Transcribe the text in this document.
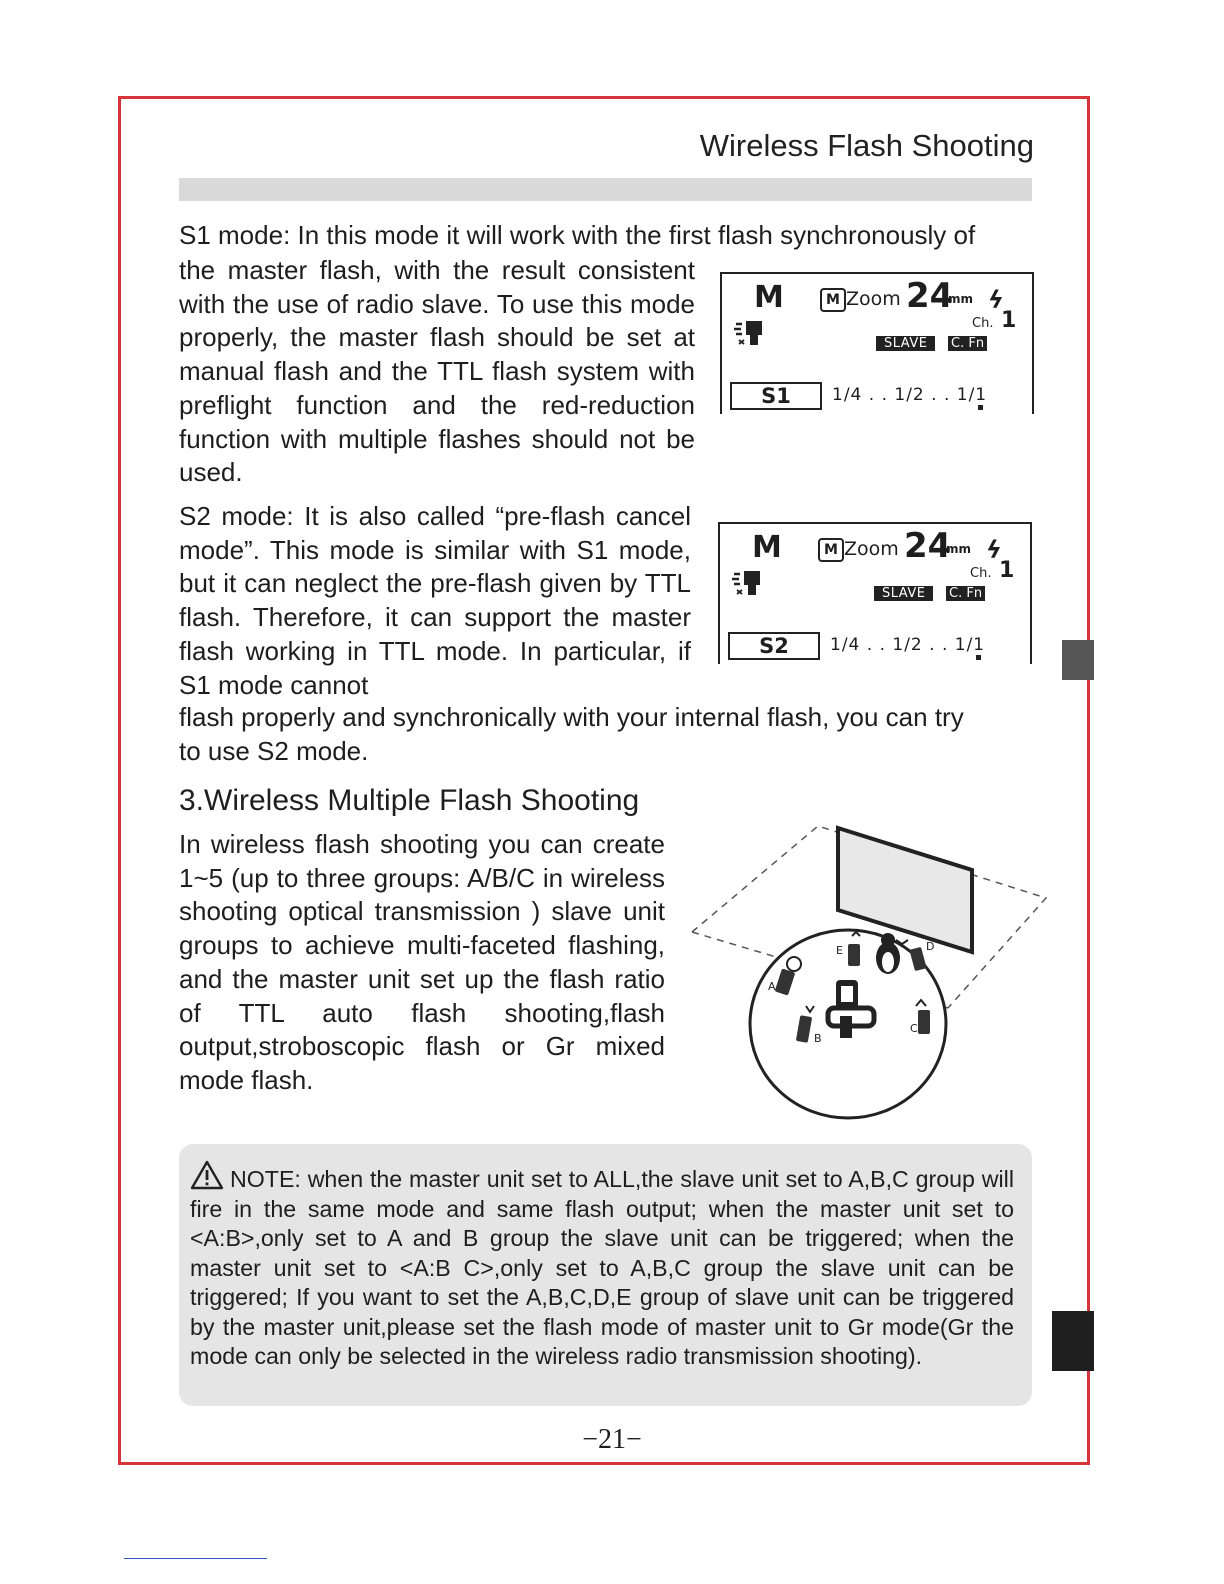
Wireless Flash Shooting

S1 mode: In this mode it will work with the first flash synchronously of

the master flash, with the result consistent with the use of radio slave. To use this mode properly, the master flash should be set at manual flash and the TTL flash system with preflight function and the red-reduction function with multiple flashes should not be used.

M	M Zoom 24
mm ϟ
Ch. 1
SLAVE	C. Fn
S1	1/4 . . 1/2 . . 1/1

S2 mode: It is also called “pre-flash cancel mode”. This mode is similar with S1 mode, but it can neglect the pre-flash given by TTL flash. Therefore, it can support the master flash working in TTL mode. In particular, if S1 mode cannot

flash properly and synchronically with your internal flash, you can try

to use S2 mode.

M	M Zoom 24
mm ϟ
Ch. 1
SLAVE	C. Fn
S2	1/4 . . 1/2 . . 1/1
3.Wireless Multiple Flash Shooting

In wireless flash shooting you can create 1~5 (up to three groups: A/B/C in wireless shooting optical transmission ) slave unit groups to achieve multi-faceted flashing, and the master unit set up the flash ratio of TTL auto flash shooting,flash output,stroboscopic flash or Gr mixed mode flash.

A
B
C
D
E

NOTE: when the master unit set to ALL,the slave unit set to A,B,C group will fire in the same mode and same flash output; when the master unit set to <A:B>,only set to A and B group the slave unit can be triggered; when the master unit set to <A:B C>,only set to A,B,C group the slave unit can be triggered; If you want to set the A,B,C,D,E group of slave unit can be triggered by the master unit,please set the flash mode of master unit to Gr mode(Gr the mode can only be selected in the wireless radio transmission shooting).

−21−
